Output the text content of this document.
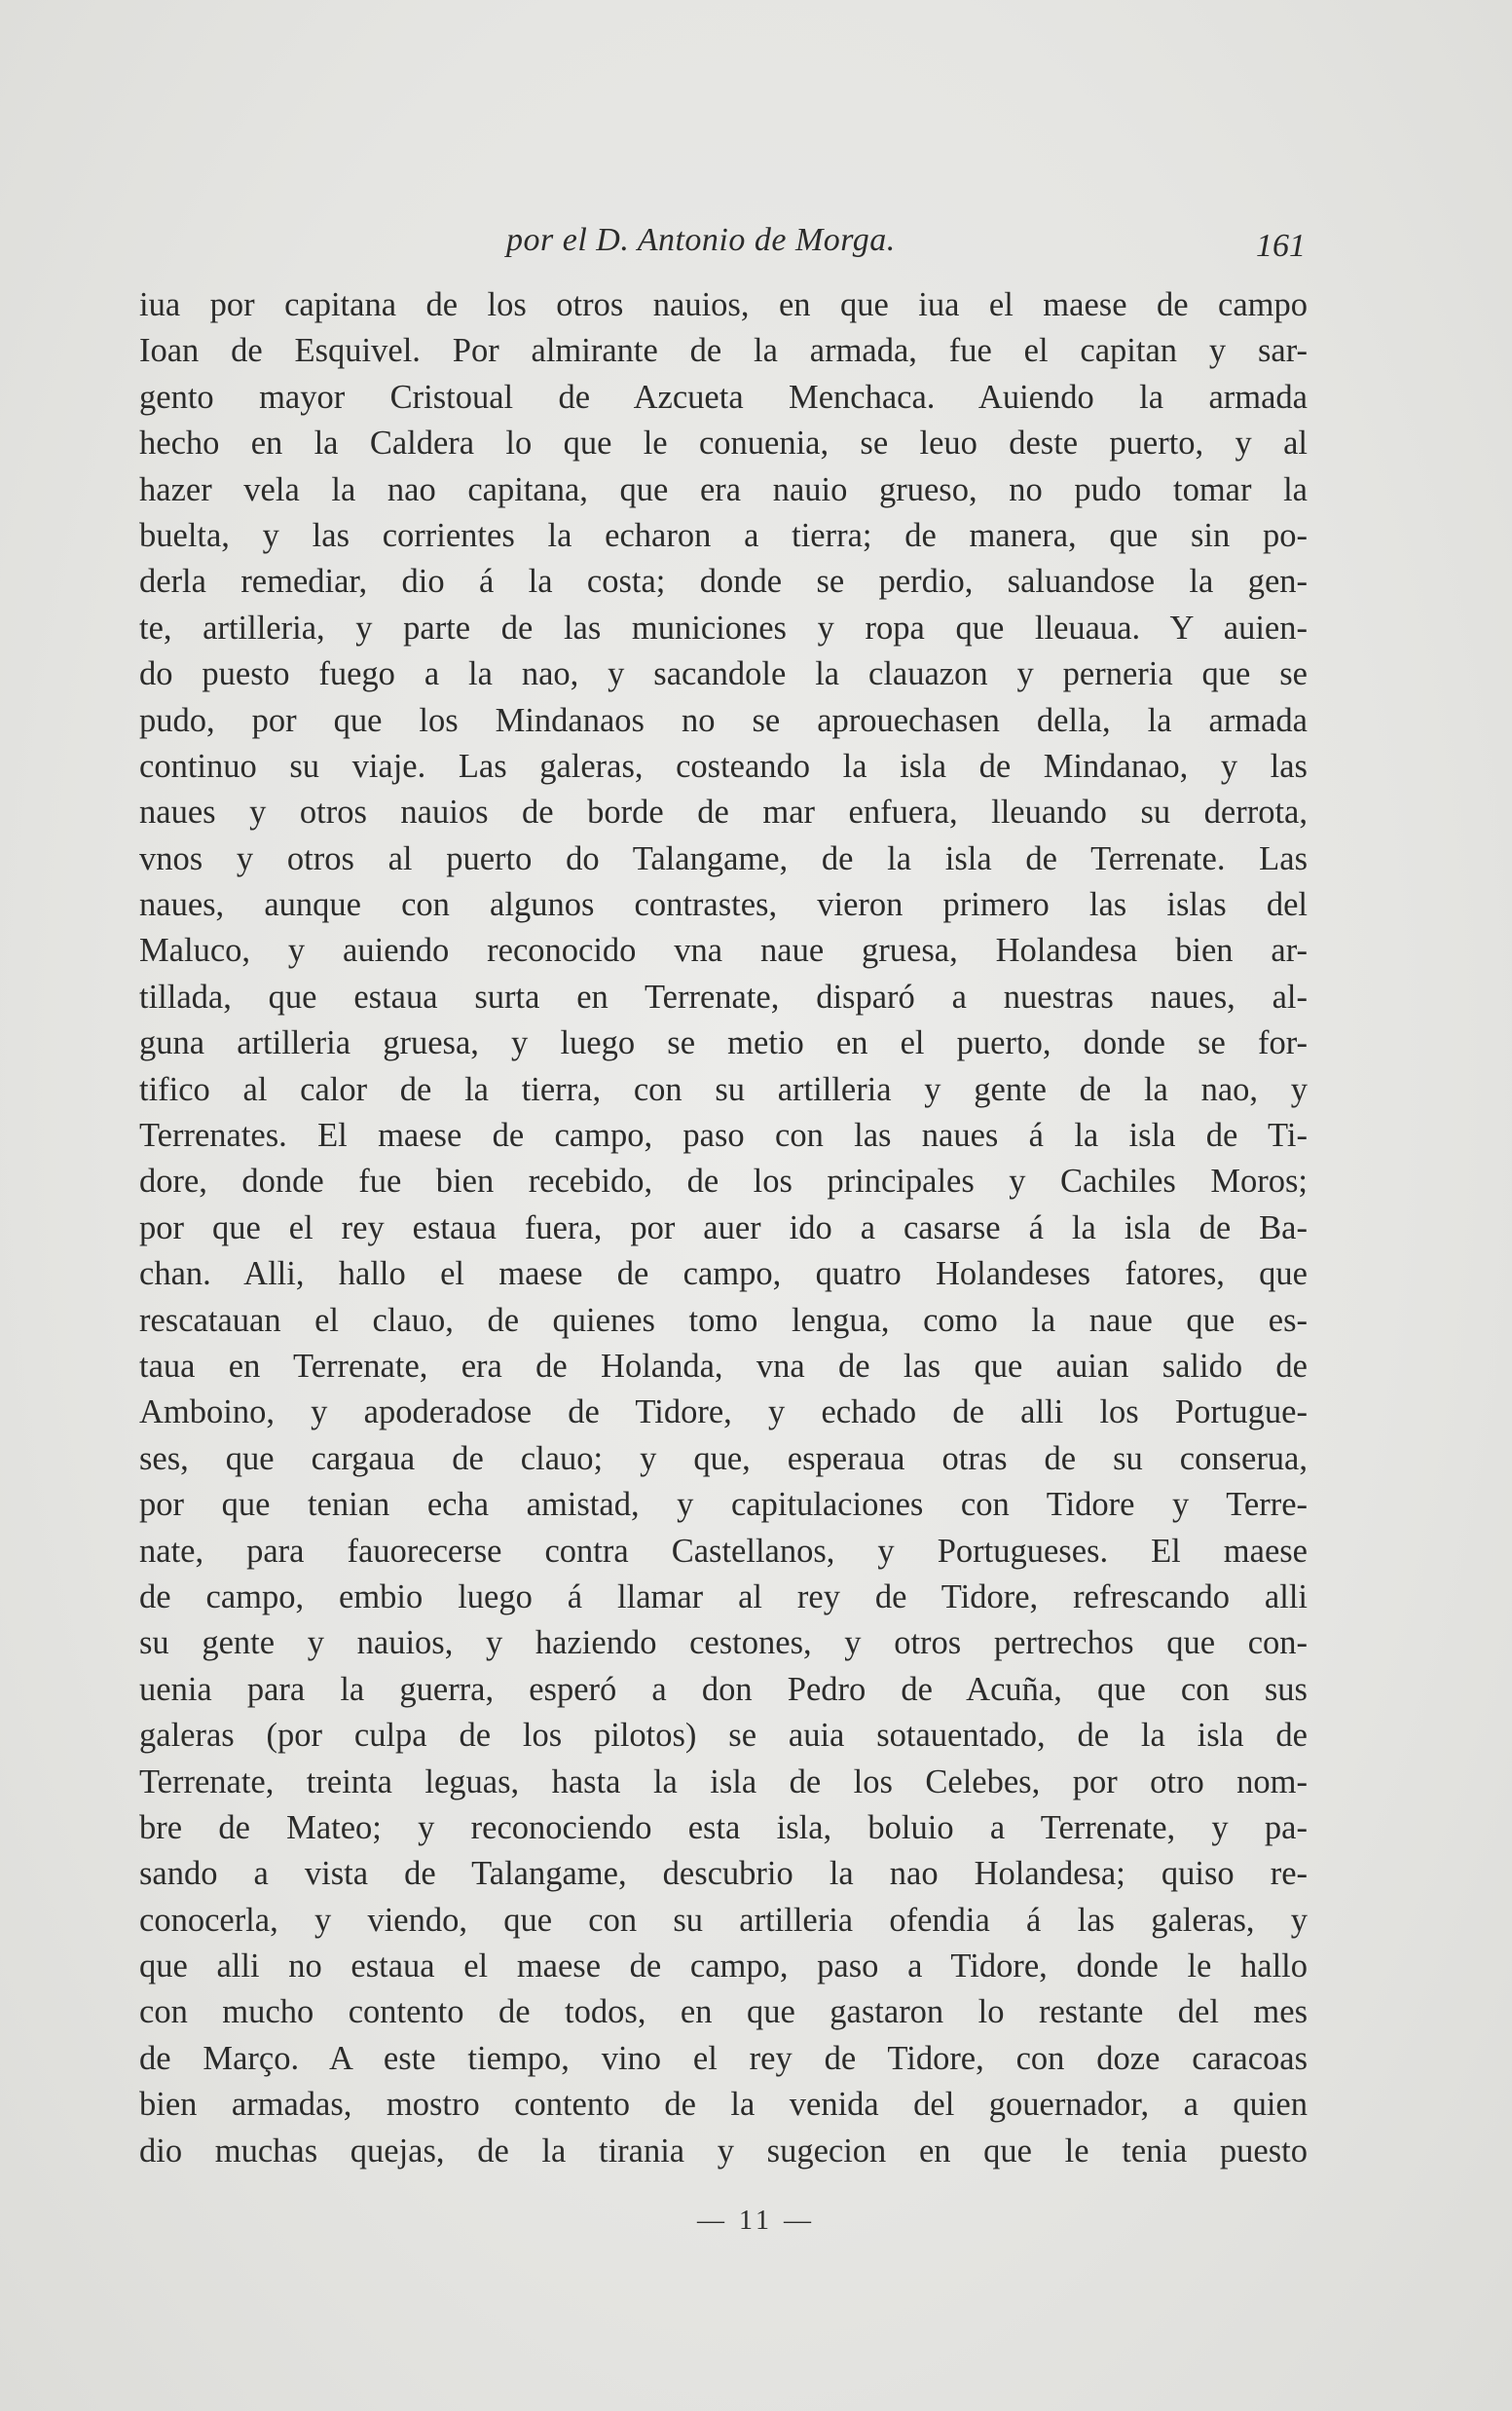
por el D. Antonio de Morga.	161
iua por capitana de los otros nauios, en que iua el maese de campo
Ioan de Esquivel. Por almirante de la armada, fue el capitan y sar-
gento mayor Cristoual de Azcueta Menchaca. Auiendo la armada
hecho en la Caldera lo que le conuenia, se leuo deste puerto, y al
hazer vela la nao capitana, que era nauio grueso, no pudo tomar la
buelta, y las corrientes la echaron a tierra; de manera, que sin po-
derla remediar, dio á la costa; donde se perdio, saluandose la gen-
te, artilleria, y parte de las municiones y ropa que lleuaua. Y auien-
do puesto fuego a la nao, y sacandole la clauazon y perneria que se
pudo, por que los Mindanaos no se aprouechasen della, la armada
continuo su viaje. Las galeras, costeando la isla de Mindanao, y las
naues y otros nauios de borde de mar enfuera, lleuando su derrota,
vnos y otros al puerto do Talangame, de la isla de Terrenate. Las
naues, aunque con algunos contrastes, vieron primero las islas del
Maluco, y auiendo reconocido vna naue gruesa, Holandesa bien ar-
tillada, que estaua surta en Terrenate, disparó a nuestras naues, al-
guna artilleria gruesa, y luego se metio en el puerto, donde se for-
tifico al calor de la tierra, con su artilleria y gente de la nao, y
Terrenates. El maese de campo, paso con las naues á la isla de Ti-
dore, donde fue bien recebido, de los principales y Cachiles Moros;
por que el rey estaua fuera, por auer ido a casarse á la isla de Ba-
chan. Alli, hallo el maese de campo, quatro Holandeses fatores, que
rescatauan el clauo, de quienes tomo lengua, como la naue que es-
taua en Terrenate, era de Holanda, vna de las que auian salido de
Amboino, y apoderadose de Tidore, y echado de alli los Portugue-
ses, que cargaua de clauo; y que, esperaua otras de su conserua,
por que tenian echa amistad, y capitulaciones con Tidore y Terre-
nate, para fauorecerse contra Castellanos, y Portugueses. El maese
de campo, embio luego á llamar al rey de Tidore, refrescando alli
su gente y nauios, y haziendo cestones, y otros pertrechos que con-
uenia para la guerra, esperó a don Pedro de Acuña, que con sus
galeras (por culpa de los pilotos) se auia sotauentado, de la isla de
Terrenate, treinta leguas, hasta la isla de los Celebes, por otro nom-
bre de Mateo; y reconociendo esta isla, boluio a Terrenate, y pa-
sando a vista de Talangame, descubrio la nao Holandesa; quiso re-
conocerla, y viendo, que con su artilleria ofendia á las galeras, y
que alli no estaua el maese de campo, paso a Tidore, donde le hallo
con mucho contento de todos, en que gastaron lo restante del mes
de Março. A este tiempo, vino el rey de Tidore, con doze caracoas
bien armadas, mostro contento de la venida del gouernador, a quien
dio muchas quejas, de la tirania y sugecion en que le tenia puesto
— 11 —
